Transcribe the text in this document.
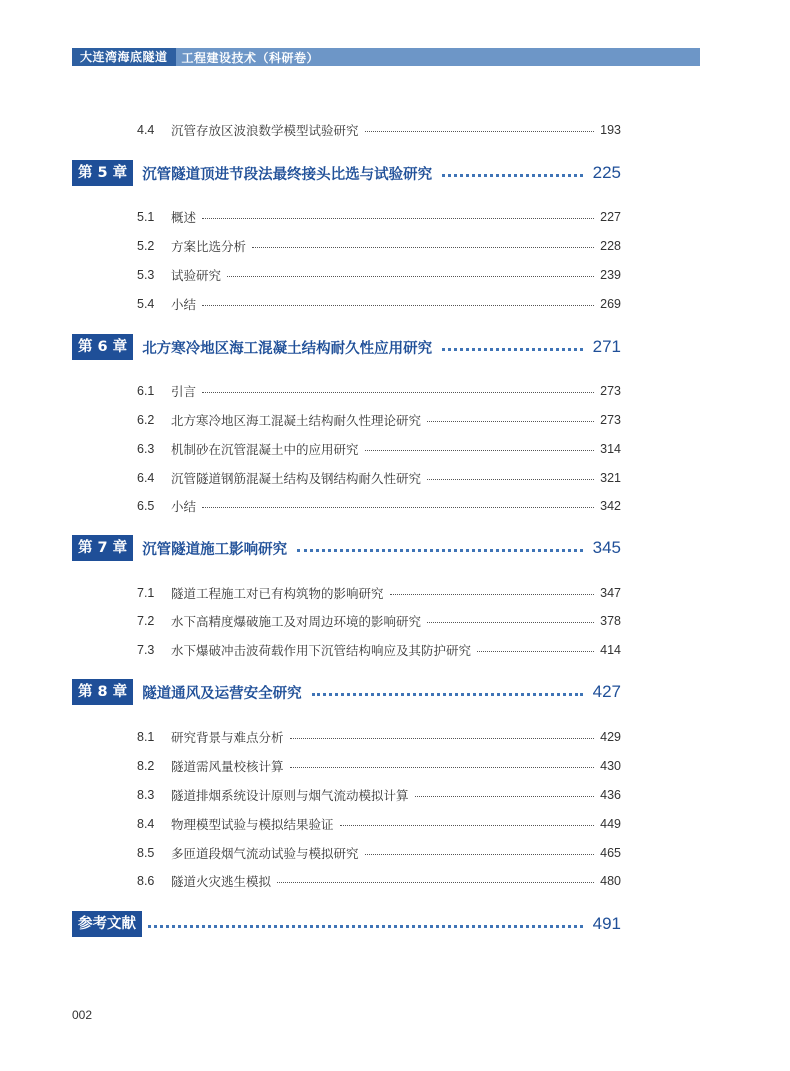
大连湾海底隧道	工程建设技术（科研卷）
4.4	沉管存放区波浪数学模型试验研究	193
第 5 章	沉管隧道顶进节段法最终接头比选与试验研究	225
5.1	概述	227
5.2	方案比选分析	228
5.3	试验研究	239
5.4	小结	269
第 6 章	北方寒冷地区海工混凝土结构耐久性应用研究	271
6.1	引言	273
6.2	北方寒冷地区海工混凝土结构耐久性理论研究	273
6.3	机制砂在沉管混凝土中的应用研究	314
6.4	沉管隧道钢筋混凝土结构及钢结构耐久性研究	321
6.5	小结	342
第 7 章	沉管隧道施工影响研究	345
7.1	隧道工程施工对已有构筑物的影响研究	347
7.2	水下高精度爆破施工及对周边环境的影响研究	378
7.3	水下爆破冲击波荷载作用下沉管结构响应及其防护研究	414
第 8 章	隧道通风及运营安全研究	427
8.1	研究背景与难点分析	429
8.2	隧道需风量校核计算	430
8.3	隧道排烟系统设计原则与烟气流动模拟计算	436
8.4	物理模型试验与模拟结果验证	449
8.5	多匝道段烟气流动试验与模拟研究	465
8.6	隧道火灾逃生模拟	480
参考文献	491
002
